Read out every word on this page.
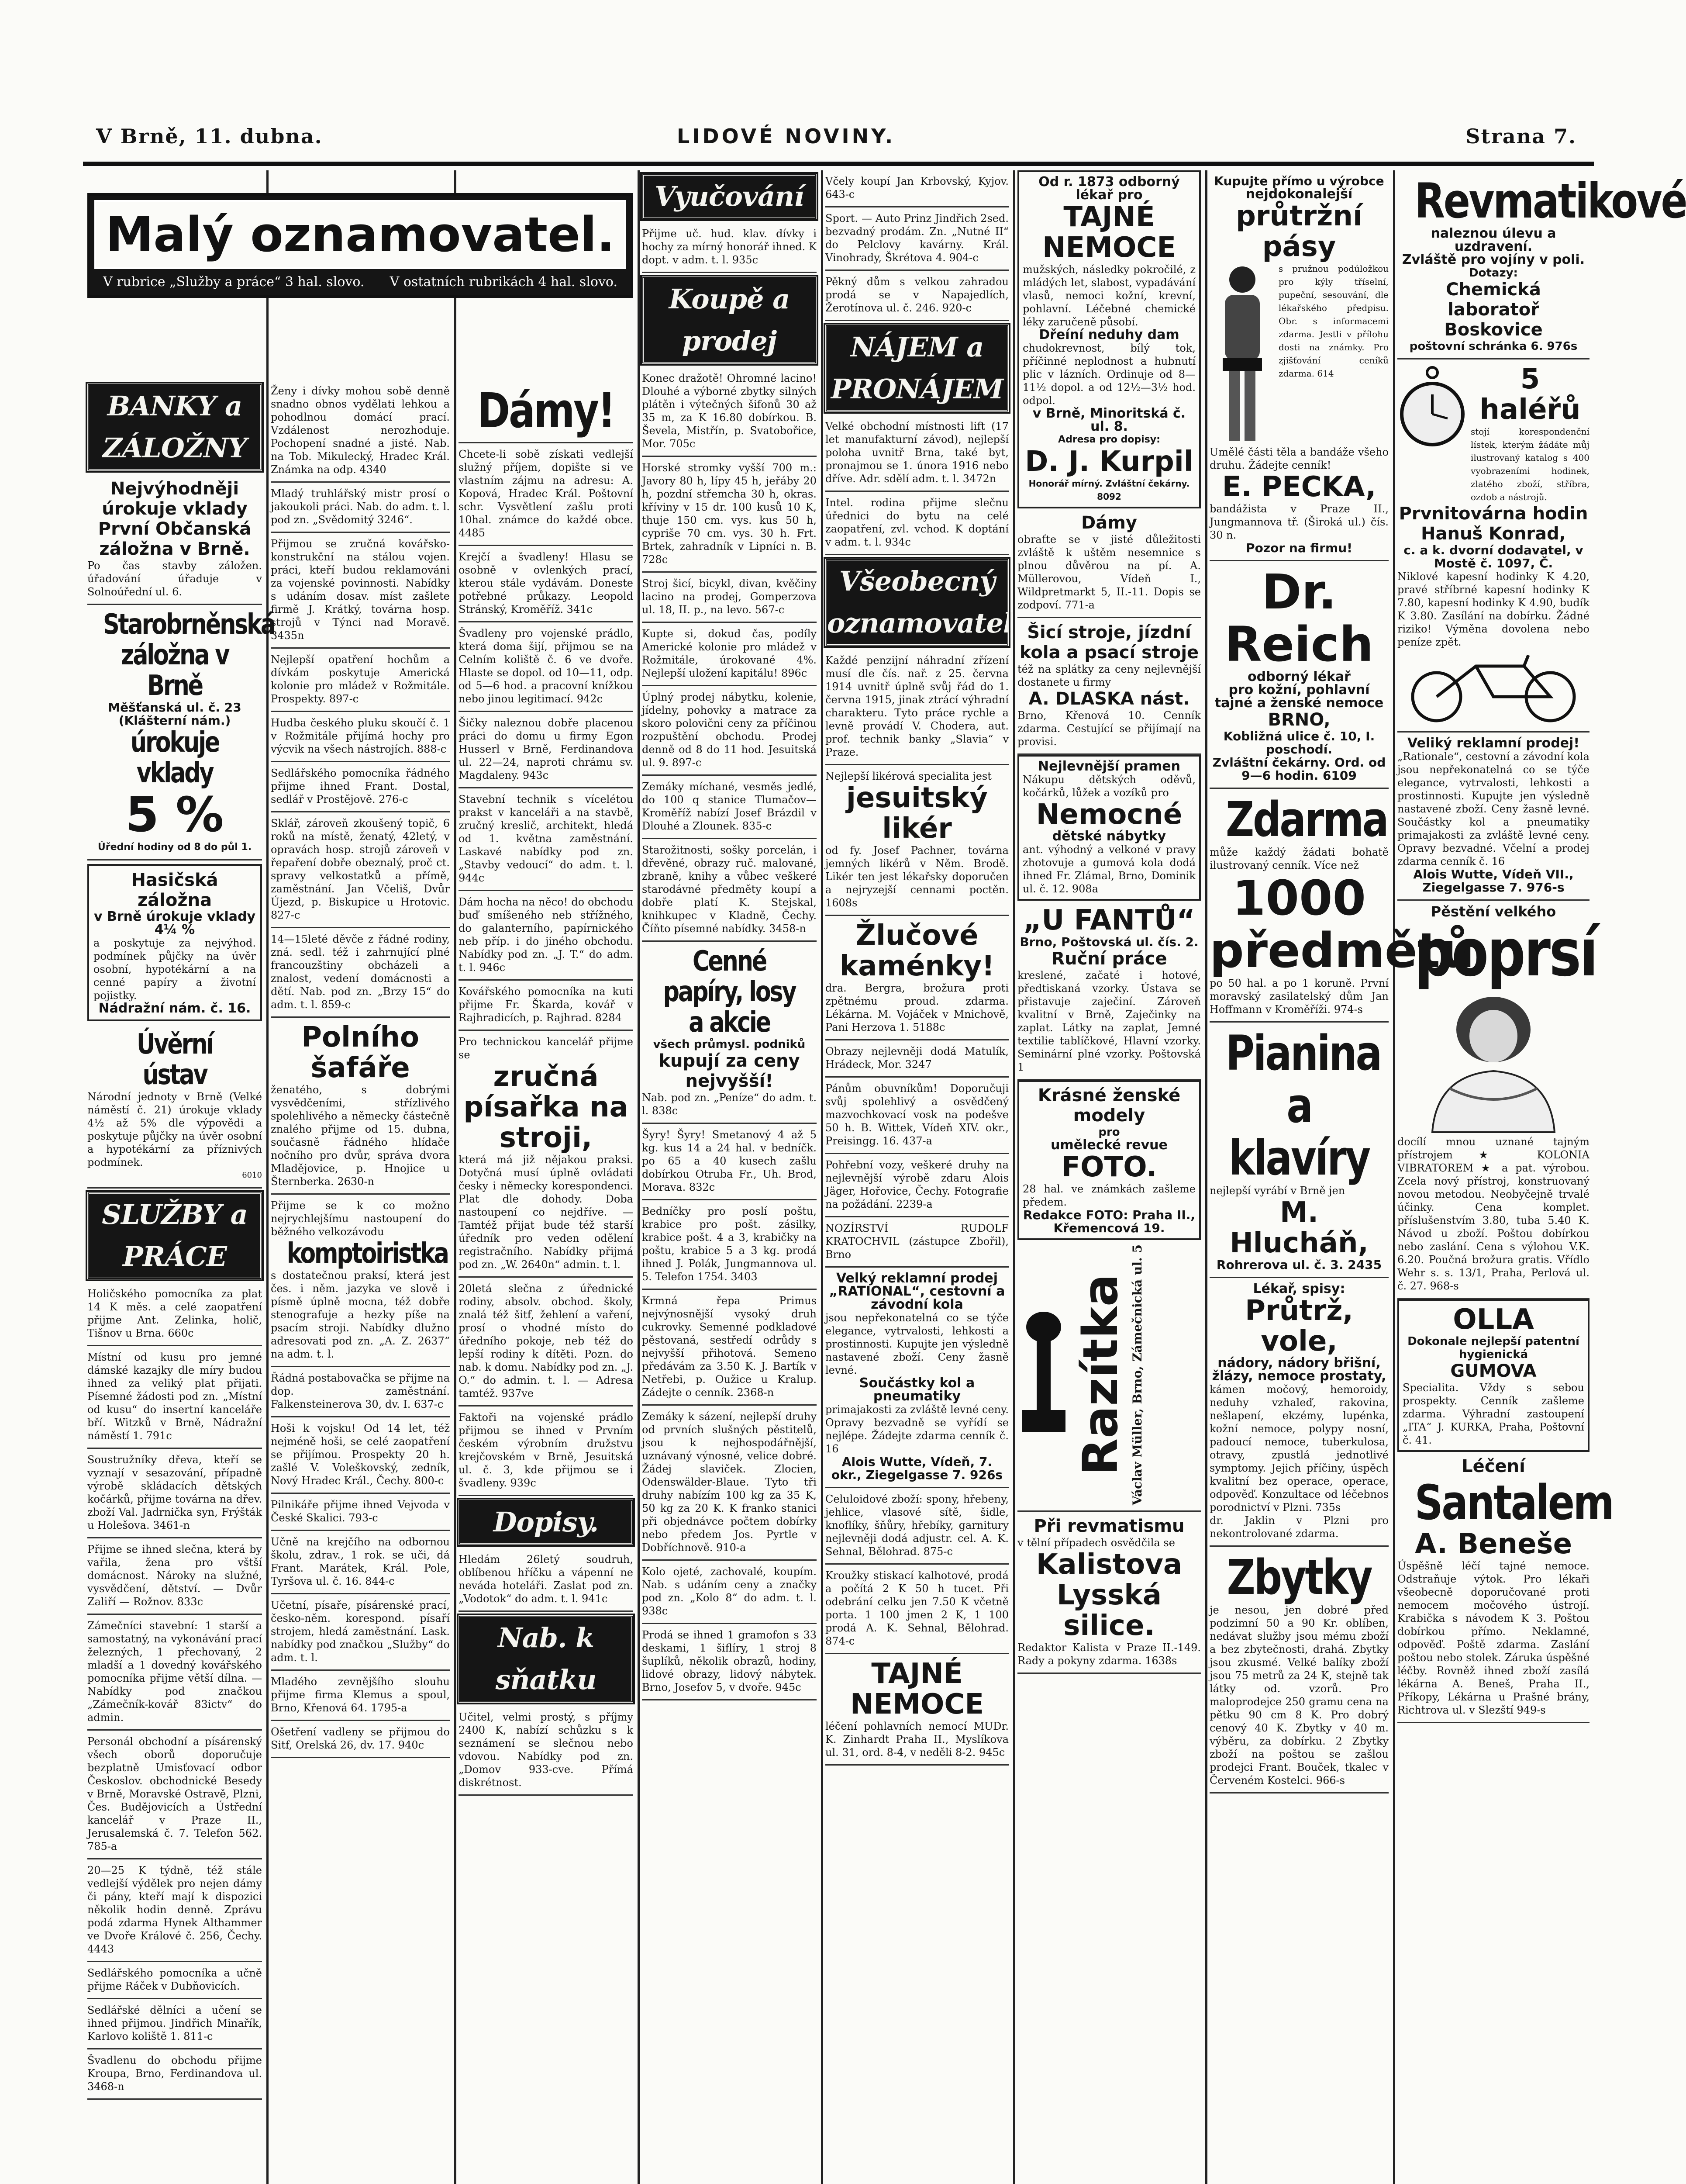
V Brně, 11. dubna.	LIDOVÉ NOVINY.	Strana 7.
Malý oznamovatel.
V rubrice „Služby a práce“ 3 hal. slovo. V ostatních rubrikách 4 hal. slovo.
BANKY a ZÁLOŽNY
Nejvýhodněji úrokuje vklady První Občanská záložna v Brně.

Po čas stavby záložen. úřadování úřaduje v Solnoúřední ul. 6.

Starobrněnská záložna v Brně
Měšťanská ul. č. 23 (Klášterní nám.)
úrokuje vklady
5 %
Úřední hodiny od 8 do půl 1.
Hasičská záložna
v Brně úrokuje vklady 4¼ %

a poskytuje za nejvýhod. podmínek půjčky na úvěr osobní, hypotékární a na cenné papíry a životní pojistky.

Nádražní nám. č. 16.
Úvěrní ústav

Národní jednoty v Brně (Velké náměstí č. 21) úrokuje vklady 4½ až 5% dle výpovědi a poskytuje půjčky na úvěr osobní a hypotékární za příznivých podmínek.

6010
SLUŽBY a PRÁCE
Holičského pomocníka za plat 14 K měs. a celé zaopatření přijme Ant. Zelinka, holič, Tišnov u Brna. 660c
Místní od kusu pro jemné dámské kazajky dle míry budou ihned za veliký plat přijati. Písemné žádosti pod zn. „Místní od kusu“ do insertní kanceláře bří. Witzků v Brně, Nádražní náměstí 1. 791c
Soustružníky dřeva, kteří se vyznají v sesazování, případně výrobě skládacích dětských kočárků, přijme továrna na dřev. zboží Val. Jadrnička syn, Frýšták u Holešova. 3461-n
Přijme se ihned slečna, která by vařila, žena pro vštší domácnost. Nároky na služné, vysvědčení, dětství. — Dvůr Zaliří — Rožnov. 833c
Zámečníci stavební: 1 starší a samostatný, na vykonávání prací železných, 1 přechovaný, 2 mladší a 1 dovedný kovářského pomocníka přijme větší dílna. — Nabídky pod značkou „Zámečník-kovář 83ictv“ do admin.
Personál obchodní a písárenský všech oborů doporučuje bezplatně Umisťovací odbor Českoslov. obchodnické Besedy v Brně, Moravské Ostravě, Plzni, Čes. Budějovicích a Ústřední kancelář v Praze II., Jerusalemská č. 7. Telefon 562. 785-a
20—25 K týdně, též stále vedlejší výdělek pro nejen dámy či pány, kteří mají k dispozici několik hodin denně. Zprávu podá zdarma Hynek Althammer ve Dvoře Králové č. 256, Čechy. 4443
Sedlářského pomocníka a učně přijme Ráček v Dubňovicích.
Sedlářské dělníci a učení se ihned přijmou. Jindřich Minařík, Karlovo koliště 1. 811-c
Švadlenu do obchodu přijme Kroupa, Brno, Ferdinandova ul. 3468-n
Ženy i dívky mohou sobě denně snadno obnos vydělati lehkou a pohodlnou domácí prací. Vzdálenost nerozhoduje. Pochopení snadné a jisté. Nab. na Tob. Mikulecký, Hradec Král. Známka na odp. 4340
Mladý truhlářský mistr prosí o jakoukoli práci. Nab. do adm. t. l. pod zn. „Svědomitý 3246“.
Přijmou se zručná kovářsko-konstrukční na stálou vojen. práci, kteří budou reklamováni za vojenské povinnosti. Nabídky s udáním dosav. míst zašlete firmě J. Krátký, továrna hosp. strojů v Týnci nad Moravě. 3435n
Nejlepší opatření hochům a dívkám poskytuje Americká kolonie pro mládež v Rožmitále. Prospekty. 897-c
Hudba českého pluku skoučí č. 1 v Rožmitále přijímá hochy pro výcvik na všech nástrojích. 888-c
Sedlářského pomocníka řádného přijme ihned Frant. Dostal, sedlář v Prostějově. 276-c
Sklář, zároveň zkoušený topič, 6 roků na místě, ženatý, 42letý, v opravách hosp. strojů zároveň v řepaření dobře obeznalý, proč ct. spravy velkostatků a přímě, zaměstnání. Jan Včeliš, Dvůr Újezd, p. Biskupice u Hrotovic. 827-c
14—15leté děvče z řádné rodiny, zná. sedl. též i zahrnující plné francouzštiny obcházeli a znalost, vedení domácnosti a dětí. Nab. pod zn. „Brzy 15“ do adm. t. l. 859-c
Polního šafáře

ženatého, s dobrými vysvědčeními, střízlivého spolehlivého a německy částečně znalého přijme od 15. dubna, současně řádného hlídače nočního pro dvůr, správa dvora Mladějovice, p. Hnojice u Šternberka. 2630-n

Přijme se k co možno nejrychlejšímu nastoupení do běžného velkozávodu

komptoiristka

s dostatečnou praksí, která jest čes. i něm. jazyka ve slově i písmě úplně mocna, též dobře stenografuje a hezky píše na psacím stroji. Nabídky dlužno adresovati pod zn. „A. Z. 2637“ na adm. t. l.

Řádná postabovačka se přijme na dop. zaměstnání. Falkensteinerova 30, dv. I. 637-c
Hoši k vojsku! Od 14 let, též nejméně hoši, se celé zaopatření se přijímou. Prospekty 20 h. zašlé V. Voleškovský, zedník, Nový Hradec Král., Čechy. 800-c
Pilnikáře přijme ihned Vejvoda v České Skalici. 793-c
Učně na krejčího na odbornou školu, zdrav., 1 rok. se uči, dá Frant. Marátek, Král. Pole, Tyršova ul. č. 16. 844-c
Učetní, písaře, písárenské prací, česko-něm. korespond. písaří strojem, hledá zaměstnání. Lask. nabídky pod značkou „Služby“ do adm. t. l.
Mladého zevnějšího slouhu přijme firma Klemus a spoul, Brno, Křenová 64. 1795-a
Ošetření vadleny se přijmou do Sitf, Orelská 26, dv. 17. 940c
Dámy!
Chcete-li sobě získati vedlejší služný příjem, dopište si ve vlastním zájmu na adresu: A. Kopová, Hradec Král. Poštovní schr. Vysvětlení zašlu proti 10hal. známce do každé obce. 4485
Krejčí a švadleny! Hlasu se osobně v ovlenkých prací, kterou stále vydávám. Doneste potřebné průkazy. Leopold Stránský, Kroměříž. 341c
Švadleny pro vojenské prádlo, která doma šijí, přijmou se na Celním koliště č. 6 ve dvoře. Hlaste se dopol. od 10—11, odp. od 5—6 hod. a pracovní knížkou nebo jinou legitimací. 942c
Šičky naleznou dobře placenou práci do domu u firmy Egon Husserl v Brně, Ferdinandova ul. 22—24, naproti chrámu sv. Magdaleny. 943c
Stavební technik s vícelétou prakst v kanceláři a na stavbě, zručný kreslič, architekt, hledá od 1. května zaměstnání. Laskavé nabídky pod zn. „Stavby vedoucí“ do adm. t. l. 944c
Dám hocha na něco! do obchodu buď smíšeného neb střížného, do galanterního, papírnického neb příp. i do jiného obchodu. Nabídky pod zn. „J. T.“ do adm. t. l. 946c
Kovářského pomocníka na kuti přijme Fr. Škarda, kovář v Rajhradicích, p. Rajhrad. 8284

Pro technickou kancelář přijme se

zručná písařka na stroji,

která má již nějakou praksi. Dotyčná musí úplně ovládati česky i německy korespondenci. Plat dle dohody. Doba nastoupení co nejdříve. — Tamtéž přijat bude též starší úředník pro veden odělení registračního. Nabídky přijmá pod zn. „W. 2640n“ admin. t. l.

20letá slečna z úřednické rodiny, absolv. obchod. školy, znalá též šitf, žehlení a vaření, prosí o vhodné místo do úředního pokoje, neb též do lepší rodiny k dítěti. Pozn. do nab. k domu. Nabídky pod zn. „J. O.“ do admin. t. l. — Adresa tamtéž. 937ve
Faktoři na vojenské prádlo přijmou se ihned v Prvním českém výrobním družstvu krejčovském v Brně, Jesuitská ul. č. 3, kde přijmou se i švadleny. 939c
Dopisy.
Hledám 26letý soudruh, oblíbenou hříčku a vápenní ne neváda hoteláři. Zaslat pod zn. „Vodotok“ do adm. t. l. 941c
Nab. k sňatku
Učitel, velmi prostý, s příjmy 2400 K, nabízí schůzku s k seznámení se slečnou nebo vdovou. Nabídky pod zn. „Domov 933-cve. Přímá diskrétnost.
Vyučování
Přijme uč. hud. klav. dívky i hochy za mírný honorář ihned. K dopt. v adm. t. l. 935c
Koupě a prodej
Konec dražotě! Ohromné lacino! Dlouhé a výborné zbytky silných plátěn i výtečných šifonů 30 až 35 m, za K 16.80 dobírkou. B. Ševela, Mistřín, p. Svatobořice, Mor. 705c
Horské stromky vyšší 700 m.: Javory 80 h, lípy 45 h, jeřáby 20 h, pozdní střemcha 30 h, okras. kříviny v 15 dr. 100 kusů 10 K, thuje 150 cm. vys. kus 50 h, cypriše 70 cm. vys. 30 h. Frt. Brtek, zahradník v Lipníci n. B. 728c
Stroj šicí, bicykl, divan, kvěčiny lacino na prodej, Gomperzova ul. 18, II. p., na levo. 567-c
Kupte si, dokud čas, podíly Americké kolonie pro mládež v Rožmitále, úrokované 4%. Nejlepší uložení kapitálu! 896c
Úplný prodej nábytku, kolenie, jídelny, pohovky a matrace za skoro polovični ceny za příčinou rozpuštění obchodu. Prodej denně od 8 do 11 hod. Jesuitská ul. 9. 897-c
Zemáky míchané, vesměs jedlé, do 100 q stanice Tlumačov—Kroměříž nabízí Josef Brázdil v Dlouhé a Zlounek. 835-c
Starožitnosti, sošky porcelán, i dřevěné, obrazy ruč. malované, zbraně, knihy a vůbec veškeré starodávné předměty koupí a dobře platí K. Stejskal, knihkupec v Kladně, Čechy. Číňto písemné nabídky. 3458-n
Cenné papíry, losy a akcie
všech průmysl. podniků
kupují za ceny nejvyšší!

Nab. pod zn. „Peníze“ do adm. t. l. 838c

Šyry! Šyry! Smetanový 4 až 5 kg. kus 14 a 24 hal. v bedníčk. po 65 a 40 kusech zašlu dobírkou Otruba Fr., Uh. Brod, Morava. 832c
Bedníčky pro poslí poštu, krabice pro pošt. zásilky, krabice pošt. 4 a 3, krabičky na poštu, krabice 5 a 3 kg. prodá ihned J. Polák, Jungmannova ul. 5. Telefon 1754. 3403
Krmná řepa Primus nejvýnosnější vysoký druh cukrovky. Semenné podkladové pěstovaná, sestředí odrůdy s nejvyšší přihotová. Semeno předávám za 3.50 K. J. Bartík v Netřebi, p. Oužice u Kralup. Zádejte o cenník. 2368-n
Zemáky k sázení, nejlepší druhy od prvních slušných pěstitelů, jsou k nejhospodářnější, uznávaný výnosné, velice dobré. Žádej slaviček. Zlocien, Odenswälder-Blaue. Tyto tři druhy nabízím 100 kg za 35 K, 50 kg za 20 K. K franko stanici při objednávce počtem dobírky nebo předem Jos. Pyrtle v Dobříchnově. 910-a
Kolo ojeté, zachovalé, koupím. Nab. s udáním ceny a značky pod zn. „Kolo 8“ do adm. t. l. 938c
Prodá se ihned 1 gramofon s 33 deskami, 1 šiflíry, 1 stroj 8 šuplíků, několik obrazů, hodiny, lidové obrazy, lidový nábytek. Brno, Josefov 5, v dvoře. 945c
Včely koupí Jan Krbovský, Kyjov. 643-c
Sport. — Auto Prinz Jindřich 2sed. bezvadný prodám. Zn. „Nutné II“ do Pelclovy kavárny. Král. Vinohrady, Škrétova 4. 904-c
Pěkný dům s velkou zahradou prodá se v Napajedlích, Žerotínova ul. č. 246. 920-c
NÁJEM a PRONÁJEM
Velké obchodní místnosti lift (17 let manufakturní závod), nejlepší poloha uvnitř Brna, také byt, pronajmou se 1. února 1916 nebo dříve. Adr. sdělí adm. t. l. 3472n
Intel. rodina přijme slečnu úřednici do bytu na celé zaopatření, zvl. vchod. K doptání v adm. t. l. 934c
Všeobecný oznamovatel
Každé penzijní náhradní zřízení musí dle čís. nař. z 25. června 1914 uvnitř úplně svůj řád do 1. června 1915, jinak ztrácí výhradní charakteru. Tyto práce rychle a levně provádí V. Chodera, aut. prof. technik banky „Slavia“ v Praze.

Nejlepší likérová specialita jest

jesuitský likér

od fy. Josef Pachner, továrna jemných likérů v Něm. Brodě. Likér ten jest lékařsky doporučen a nejryzejší cennami poctěn. 1608s

Žlučové kaménky!

dra. Bergra, brožura proti zpětnému proud. zdarma. Lékárna. M. Vojáček v Mnichově, Pani Herzova 1. 5188c

Obrazy nejlevněji dodá Matulík, Hrádeck, Mor. 3247
Pánům obuvníkům! Doporučuji svůj spolehlivý a osvědčený mazvochkovací vosk na podešve 50 h. B. Wittek, Vídeň XIV. okr., Preisingg. 16. 437-a
Pohřební vozy, veškeré druhy na nejlevnější výrobě zdaru Alois Jäger, Hořovice, Čechy. Fotografie na požádání. 2239-a
NOZÍRSTVÍ RUDOLF KRATOCHVIL (zástupce Zbořil), Brno
Velký reklamní prodej „RATIONAL“, cestovní a závodní kola

jsou nepřekonatelná co se týče elegance, vytrvalosti, lehkosti a prostinnosti. Kupujte jen výsledně nastavené zboží. Ceny žasně levné.

Součástky kol a pneumatiky

primajakosti za zvláště levné ceny. Opravy bezvadně se vyřídí se nejlépe. Žádejte zdarma cenník č. 16

Alois Wutte, Vídeň, 7. okr., Ziegelgasse 7. 926s
Celuloidové zboží: spony, hřebeny, jehlice, vlasové sítě, šidle, knoflíky, šňůry, hřebíky, garnitury nejlevněji dodá adjustr. cel. A. K. Sehnal, Bělohrad. 875-c
Kroužky stiskací kalhotové, prodá a počítá 2 K 50 h tucet. Při odebrání celku jen 7.50 K včetně porta. 1 100 jmen 2 K, 1 100 prodá A. K. Sehnal, Bělohrad. 874-c
TAJNÉ NEMOCE

léčení pohlavních nemocí MUDr. K. Zinhardt Praha II., Myslíkova ul. 31, ord. 8-4, v neděli 8-2. 945c

Od r. 1873 odborný lékař pro
TAJNÉ NEMOCE

mužských, následky pokročilé, z mládých let, slabost, vypadávání vlasů, nemoci kožní, krevní, pohlavní. Léčebné chemické léky zaručeně působí.

Dřeíní neduhy dam

chudokrevnost, bílý tok, příčinné neplodnost a hubnutí plic v lázních. Ordinuje od 8—11½ dopol. a od 12½—3½ hod. odpol.

v Brně, Minoritská č. ul. 8.
Adresa pro dopisy:
D. J. Kurpil
Honorář mírný. Zvláštní čekárny. 8092
Dámy

obraťte se v jisté důležitosti zvláště k uštěm nesemnice s plnou důvěrou na pí. A. Müllerovou, Vídeň I., Wildpretmarkt 5, II.-11. Dopis se zodpoví. 771-a

Šicí stroje, jízdní kola a psací stroje

též na splátky za ceny nejlevnější dostanete u firmy

A. DLASKA nást.

Brno, Křenová 10. Cenník zdarma. Cestující se přijímají na provisi.

Nejlevnější pramen

Nákupu dětských oděvů, kočárků, lůžek a vozíků pro

Nemocné
dětské nábytky

ant. výhodný a velkoné v pravy zhotovuje a gumová kola dodá ihned Fr. Zlámal, Brno, Dominik ul. č. 12. 908a

„U FANTŮ“
Brno, Poštovská ul. čís. 2.
Ruční práce

kreslené, začaté i hotové, předtiskaná vzorky. Ústava se přistavuje zaječiní. Zároveň kvalitní v Brně, Zaječinky na zaplat. Látky na zaplat, Jemné textilie tablíčkové, Hlavní vzorky. Seminární plné vzorky. Poštovská 1

Krásné ženské modely
pro
umělecké revue
FOTO.

28 hal. ve známkách zašleme předem.

Redakce FOTO: Praha II., Křemencová 19.
Razítka Václav Müller, Brno, Zámečnická ul. 5
Při revmatismu

v tělní případech osvědčila se

Kalistova Lysská silice.

Redaktor Kalista v Praze II.-149. Rady a pokyny zdarma. 1638s

Kupujte přímo u výrobce
nejdokonalejší
průtržní pásy

s pružnou podúložkou pro kýly tříselní, pupeční, sesouvání, dle lékařského předpisu. Obr. s informacemi zdarma. Jestli v přílohu dosti na známky. Pro zjišťování ceníků zdarma. 614

Umělé části těla a bandáže všeho druhu. Žádejte cenník!

E. PECKA,

bandážista v Praze II., Jungmannova tř. (Široká ul.) čís. 30 n.

Pozor na firmu!
Dr. Reich
odborný lékař
pro kožní, pohlavní tajné a ženské nemoce
BRNO,
Kobližná ulice č. 10, I. poschodí.
Zvláštní čekárny. Ord. od 9—6 hodin. 6109
Zdarma

může každý žádati bohatě ilustrovaný cenník. Více než

1000 předmětů

po 50 hal. a po 1 koruně. První moravský zasilatelský dům Jan Hoffmann v Kroměříži. 974-s

Pianina a klavíry

nejlepší vyrábí v Brně jen

M. Hlucháň,
Rohrerova ul. č. 3. 2435
Lékař, spisy:
Průtrž, vole,
nádory, nádory břišní, žlázy, nemoce prostaty,

kámen močový, hemoroidy, neduhy vzhaleď, rakovina, nešlapení, ekzémy, lupénka, kožní nemoce, polypy nosní, padoucí nemoce, tuberkulosa, otravy, zpustlá jednotlivé symptomy. Jejich příčiny, úspěch kvalitní bez operace, operace, odpověď. Konzultace od léčebnos porodnictví v Plzni. 735s

dr. Jaklin v Plzni pro nekontrolované zdarma.

Zbytky

je nesou, jen dobré před podzimní 50 a 90 Kr. oblíben, nedávat služby jsou mému zboží a bez zbytečnosti, drahá. Zbytky jsou zkusmé. Velké balíky zboží jsou 75 metrů za 24 K, stejně tak látky od. vzorů. Pro maloprodejce 250 gramu cena na pětku 90 cm 8 K. Pro dobrý cenový 40 K. Zbytky v 40 m. výběru, za dobírku. 2 Zbytky zboží na poštou se zašlou prodejci Frant. Bouček, tkalec v Červeném Kostelci. 966-s

Revmatikové
naleznou úlevu a uzdravení.
Zvláště pro vojíny v poli.
Dotazy:
Chemická laboratoř Boskovice
poštovní schránka 6. 976s
5 haléřů

stojí korespondenční lístek, kterým žádáte můj ilustrovaný katalog s 400 vyobrazeními hodinek, zlatého zboží, stříbra, ozdob a nástrojů.

Prvnitovárna hodin
Hanuš Konrad,
c. a k. dvorní dodavatel, v Mostě č. 1097, Č.

Niklové kapesní hodinky K 4.20, pravé stříbrné kapesní hodinky K 7.80, kapesní hodinky K 4.90, budík K 3.80. Zasílání na dobírku. Žádné riziko! Výměna dovolena nebo peníze zpět.

Veliký reklamní prodej!

„Rationale“, cestovní a závodní kola jsou nepřekonatelná co se týče elegance, vytrvalosti, lehkosti a prostinnosti. Kupujte jen výsledně nastavené zboží. Ceny žasně levné. Součástky kol a pneumatiky primajakosti za zvláště levné ceny. Opravy bezvadné. Včelní a prodej zdarma cenník č. 16

Alois Wutte, Vídeň VII., Ziegelgasse 7. 976-s
Pěstění velkého
poprsí

docílí mnou uznané tajným přístrojem ★ KOLONIA VIBRATOREM ★ a pat. výrobou. Zcela nový přístroj, konstruovaný novou metodou. Neobyčejně trvalé účinky. Cena komplet. příslušenstvím 3.80, tuba 5.40 K. Návod u zboží. Poštou dobírkou nebo zaslání. Cena s výlohou V.K. 6.20. Poučná brožura gratis. Vřídlo Wehr s. s. 13/1, Praha, Perlová ul. č. 27. 968-s

OLLA
Dokonale nejlepší patentní hygienická
GUMOVA

Specialita. Vždy s sebou prospekty. Cenník zašleme zdarma. Výhradní zastoupení „ITA“ J. KURKA, Praha, Poštovní č. 41.

Léčení
Santalem
A. Beneše

Úspěšně léčí tajné nemoce. Odstraňuje výtok. Pro lékaři všeobecně doporučované proti nemocem močového ústrojí. Krabička s návodem K 3. Poštou dobírkou přímo. Neklamné, odpověď. Poště zdarma. Zaslání poštou nebo stolek. Záruka úspěšné léčby. Rovněž ihned zboží zasílá lékárna A. Beneš, Praha II., Příkopy, Lékárna u Prašné brány, Richtrova ul. v Slezští 949-s
